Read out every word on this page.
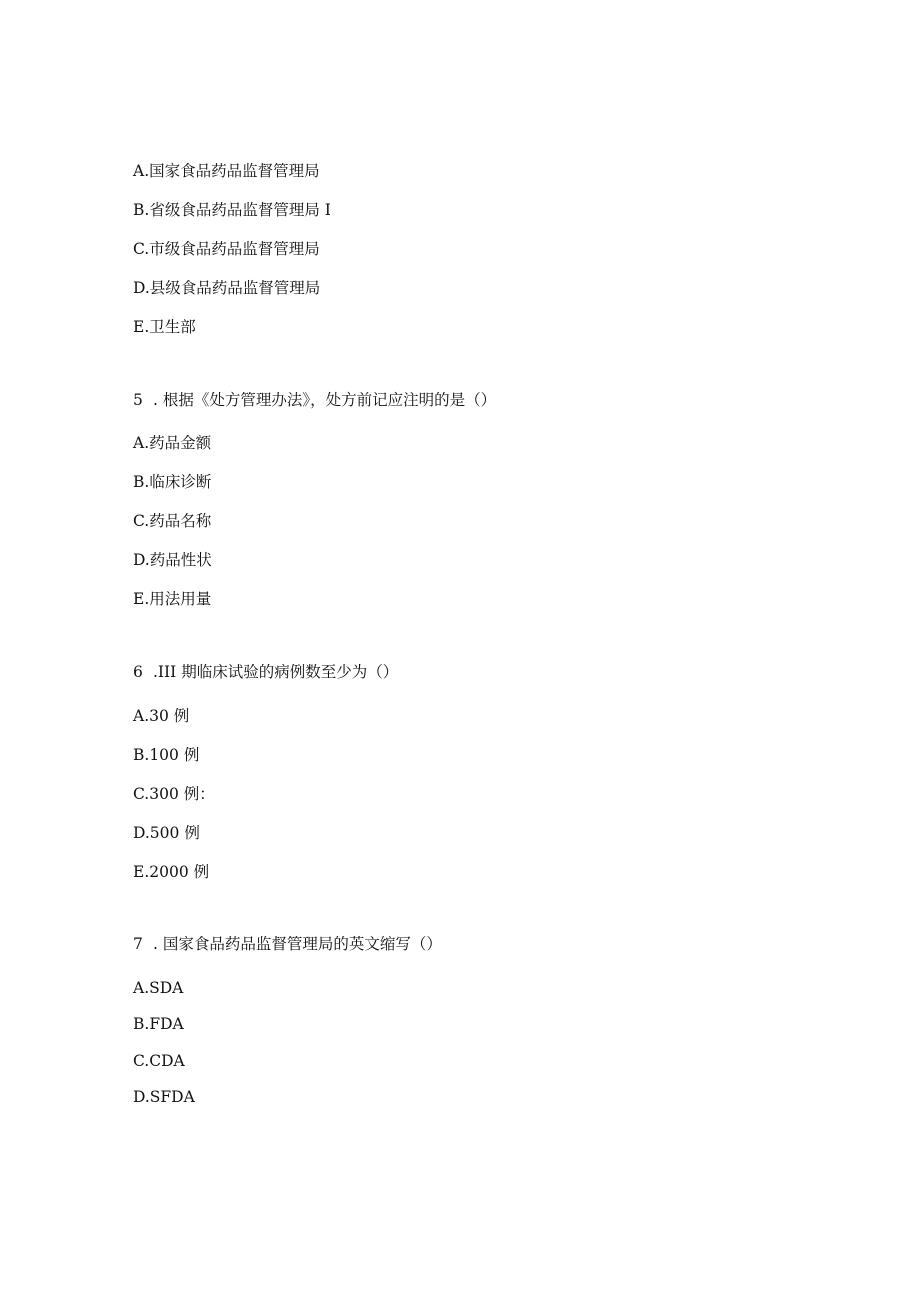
A.国家食品药品监督管理局
B.省级食品药品监督管理局 I
C.市级食品药品监督管理局
D.县级食品药品监督管理局
E.卫生部
5 . 根据《处方管理办法》，处方前记应注明的是（）
A.药品金额
B.临床诊断
C.药品名称
D.药品性状
E.用法用量
6 .III 期临床试验的病例数至少为（）
A.30 例
B.100 例
C.300 例：
D.500 例
E.2000 例
7 . 国家食品药品监督管理局的英文缩写（）
A.SDA
B.FDA
C.CDA
D.SFDA
